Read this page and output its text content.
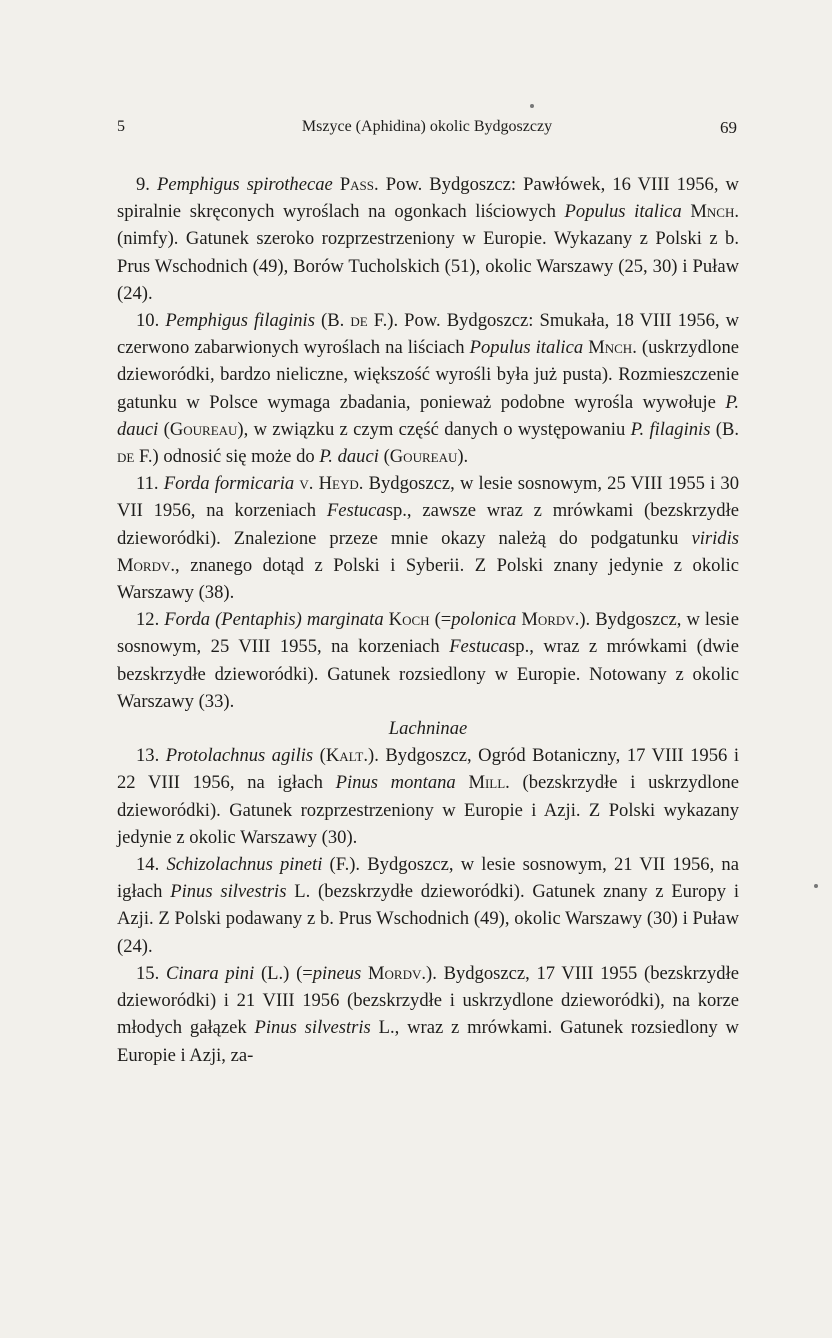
5	Mszyce (Aphidina) okolic Bydgoszczy	69

9. Pemphigus spirothecae Pass. Pow. Bydgoszcz: Pawłówek, 16 VIII 1956, w spiralnie skręconych wyroślach na ogonkach liściowych Populus italica Mnch. (nimfy). Gatunek szeroko rozprzestrzeniony w Europie. Wykazany z Polski z b. Prus Wschodnich (49), Borów Tucholskich (51), okolic Warszawy (25, 30) i Puław (24).

10. Pemphigus filaginis (B. de F.). Pow. Bydgoszcz: Smukała, 18 VIII 1956, w czerwono zabarwionych wyroślach na liściach Populus italica Mnch. (uskrzydlone dzieworódki, bardzo nieliczne, większość wyrośli była już pusta). Rozmieszczenie gatunku w Polsce wymaga zbadania, ponieważ podobne wyrośla wywołuje P. dauci (Goureau), w związku z czym część danych o występowaniu P. filaginis (B. de F.) odnosić się może do P. dauci (Goureau).

11. Forda formicaria v. Heyd. Bydgoszcz, w lesie sosnowym, 25 VIII 1955 i 30 VII 1956, na korzeniach Festucasp., zawsze wraz z mrówkami (bezskrzydłe dzieworódki). Znalezione przeze mnie okazy należą do podgatunku viridis Mordv., znanego dotąd z Polski i Syberii. Z Polski znany jedynie z okolic Warszawy (38).

12. Forda (Pentaphis) marginata Koch (=polonica Mordv.). Bydgoszcz, w lesie sosnowym, 25 VIII 1955, na korzeniach Festucasp., wraz z mrówkami (dwie bezskrzydłe dzieworódki). Gatunek rozsiedlony w Europie. Notowany z okolic Warszawy (33).

Lachninae

13. Protolachnus agilis (Kalt.). Bydgoszcz, Ogród Botaniczny, 17 VIII 1956 i 22 VIII 1956, na igłach Pinus montana Mill. (bezskrzydłe i uskrzydlone dzieworódki). Gatunek rozprzestrzeniony w Europie i Azji. Z Polski wykazany jedynie z okolic Warszawy (30).

14. Schizolachnus pineti (F.). Bydgoszcz, w lesie sosnowym, 21 VII 1956, na igłach Pinus silvestris L. (bezskrzydłe dzieworódki). Gatunek znany z Europy i Azji. Z Polski podawany z b. Prus Wschodnich (49), okolic Warszawy (30) i Puław (24).

15. Cinara pini (L.) (=pineus Mordv.). Bydgoszcz, 17 VIII 1955 (bezskrzydłe dzieworódki) i 21 VIII 1956 (bezskrzydłe i uskrzydlone dzieworódki), na korze młodych gałązek Pinus silvestris L., wraz z mrówkami. Gatunek rozsiedlony w Europie i Azji, za-
